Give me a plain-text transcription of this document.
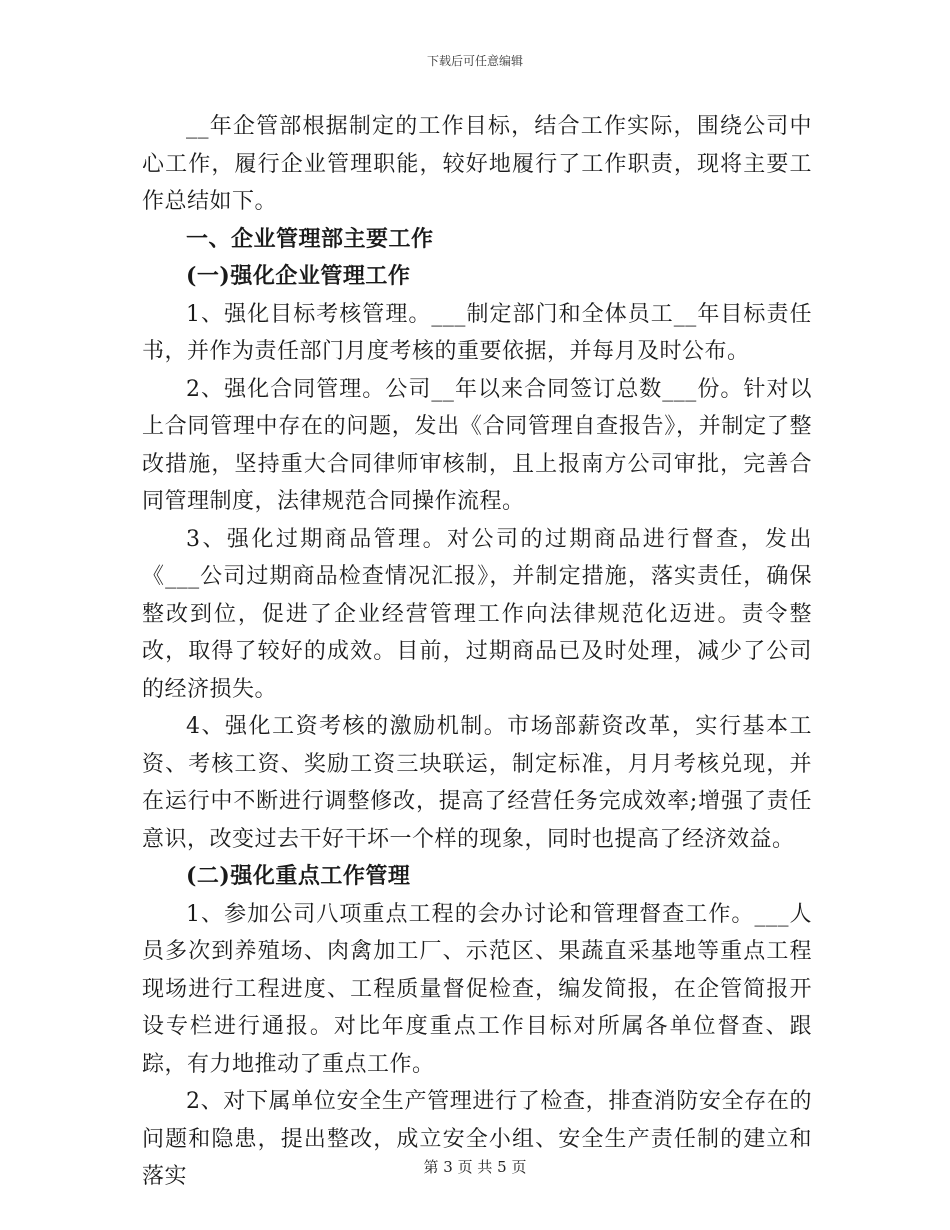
下载后可任意编辑

__年企管部根据制定的工作目标，结合工作实际，围绕公司中心工作，履行企业管理职能，较好地履行了工作职责，现将主要工作总结如下。

一、企业管理部主要工作

(一)强化企业管理工作

1、强化目标考核管理。___制定部门和全体员工__年目标责任书，并作为责任部门月度考核的重要依据，并每月及时公布。

2、强化合同管理。公司__年以来合同签订总数___份。针对以上合同管理中存在的问题，发出《合同管理自查报告》，并制定了整改措施，坚持重大合同律师审核制，且上报南方公司审批，完善合同管理制度，法律规范合同操作流程。

3、强化过期商品管理。对公司的过期商品进行督查，发出《___公司过期商品检查情况汇报》，并制定措施，落实责任，确保整改到位，促进了企业经营管理工作向法律规范化迈进。责令整改，取得了较好的成效。目前，过期商品已及时处理，减少了公司的经济损失。

4、强化工资考核的激励机制。市场部薪资改革，实行基本工资、考核工资、奖励工资三块联运，制定标准，月月考核兑现，并在运行中不断进行调整修改，提高了经营任务完成效率;增强了责任意识，改变过去干好干坏一个样的现象，同时也提高了经济效益。

(二)强化重点工作管理

1、参加公司八项重点工程的会办讨论和管理督查工作。___人员多次到养殖场、肉禽加工厂、示范区、果蔬直采基地等重点工程现场进行工程进度、工程质量督促检查，编发简报，在企管简报开设专栏进行通报。对比年度重点工作目标对所属各单位督查、跟踪，有力地推动了重点工作。

2、对下属单位安全生产管理进行了检查，排查消防安全存在的问题和隐患，提出整改，成立安全小组、安全生产责任制的建立和落实	第 3 页 共 5 页
